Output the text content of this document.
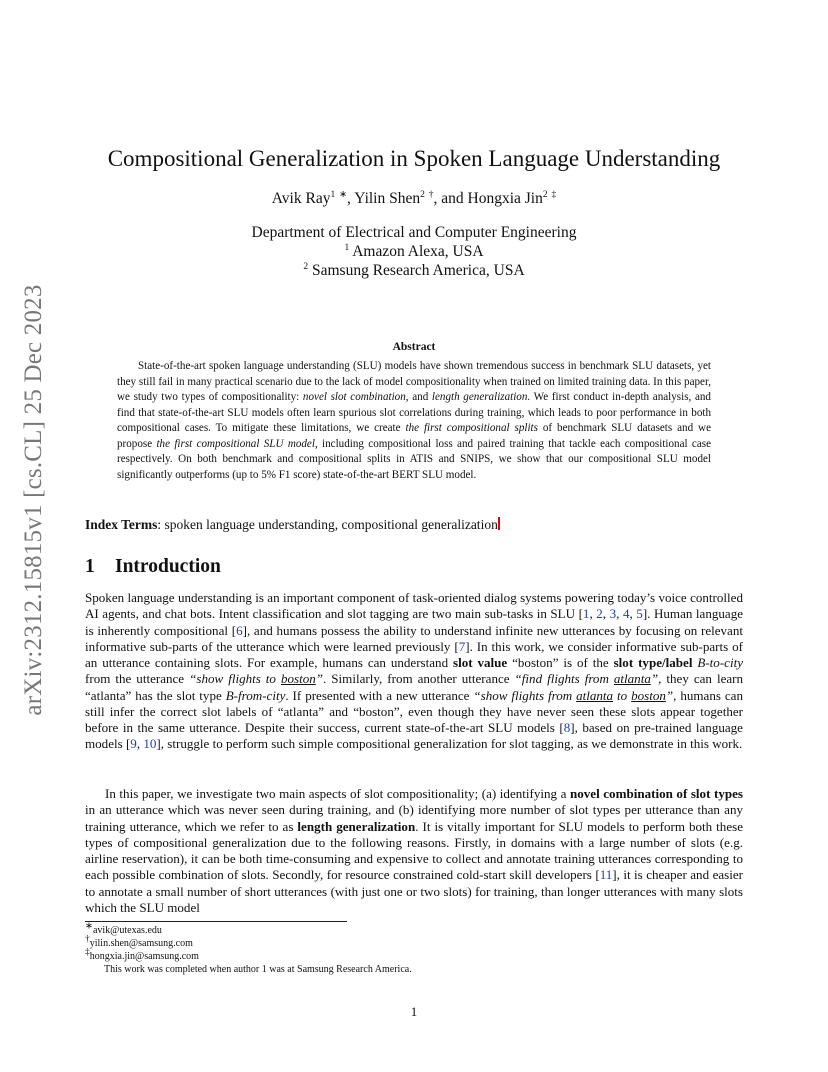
arXiv:2312.15815v1 [cs.CL] 25 Dec 2023
Compositional Generalization in Spoken Language Understanding
Avik Ray$^1$ ∗, Yilin Shen$^2$ †, and Hongxia Jin$^2$ ‡
Department of Electrical and Computer Engineering
$^1$ Amazon Alexa, USA
$^2$ Samsung Research America, USA
Abstract

State-of-the-art spoken language understanding (SLU) models have shown tremendous success in benchmark SLU datasets, yet they still fail in many practical scenario due to the lack of model compositionality when trained on limited training data. In this paper, we study two types of compositionality: novel slot combination, and length generalization. We first conduct in-depth analysis, and find that state-of-the-art SLU models often learn spurious slot correlations during training, which leads to poor performance in both compositional cases. To mitigate these limitations, we create the first compositional splits of benchmark SLU datasets and we propose the first compositional SLU model, including compositional loss and paired training that tackle each compositional case respectively. On both benchmark and compositional splits in ATIS and SNIPS, we show that our compositional SLU model significantly outperforms (up to 5% F1 score) state-of-the-art BERT SLU model.

Index Terms: spoken language understanding, compositional generalization

1 Introduction

Spoken language understanding is an important component of task-oriented dialog systems powering today’s voice controlled AI agents, and chat bots. Intent classification and slot tagging are two main sub-tasks in SLU [1, 2, 3, 4, 5]. Human language is inherently compositional [6], and humans possess the ability to understand infinite new utterances by focusing on relevant informative sub-parts of the utterance which were learned previously [7]. In this work, we consider informative sub-parts of an utterance containing slots. For example, humans can understand slot value “boston” is of the slot type/label B-to-city from the utterance “show flights to boston”. Similarly, from another utterance “find flights from atlanta”, they can learn “atlanta” has the slot type B-from-city. If presented with a new utterance “show flights from atlanta to boston”, humans can still infer the correct slot labels of “atlanta” and “boston”, even though they have never seen these slots appear together before in the same utterance. Despite their success, current state-of-the-art SLU models [8], based on pre-trained language models [9, 10], struggle to perform such simple compositional generalization for slot tagging, as we demonstrate in this work.

In this paper, we investigate two main aspects of slot compositionality; (a) identifying a novel combination of slot types in an utterance which was never seen during training, and (b) identifying more number of slot types per utterance than any training utterance, which we refer to as length generalization. It is vitally important for SLU models to perform both these types of compositional generalization due to the following reasons. Firstly, in domains with a large number of slots (e.g. airline reservation), it can be both time-consuming and expensive to collect and annotate training utterances corresponding to each possible combination of slots. Secondly, for resource constrained cold-start skill developers [11], it is cheaper and easier to annotate a small number of short utterances (with just one or two slots) for training, than longer utterances with many slots which the SLU model

∗avik@utexas.edu
†yilin.shen@samsung.com
‡hongxia.jin@samsung.com
This work was completed when author 1 was at Samsung Research America.
1
